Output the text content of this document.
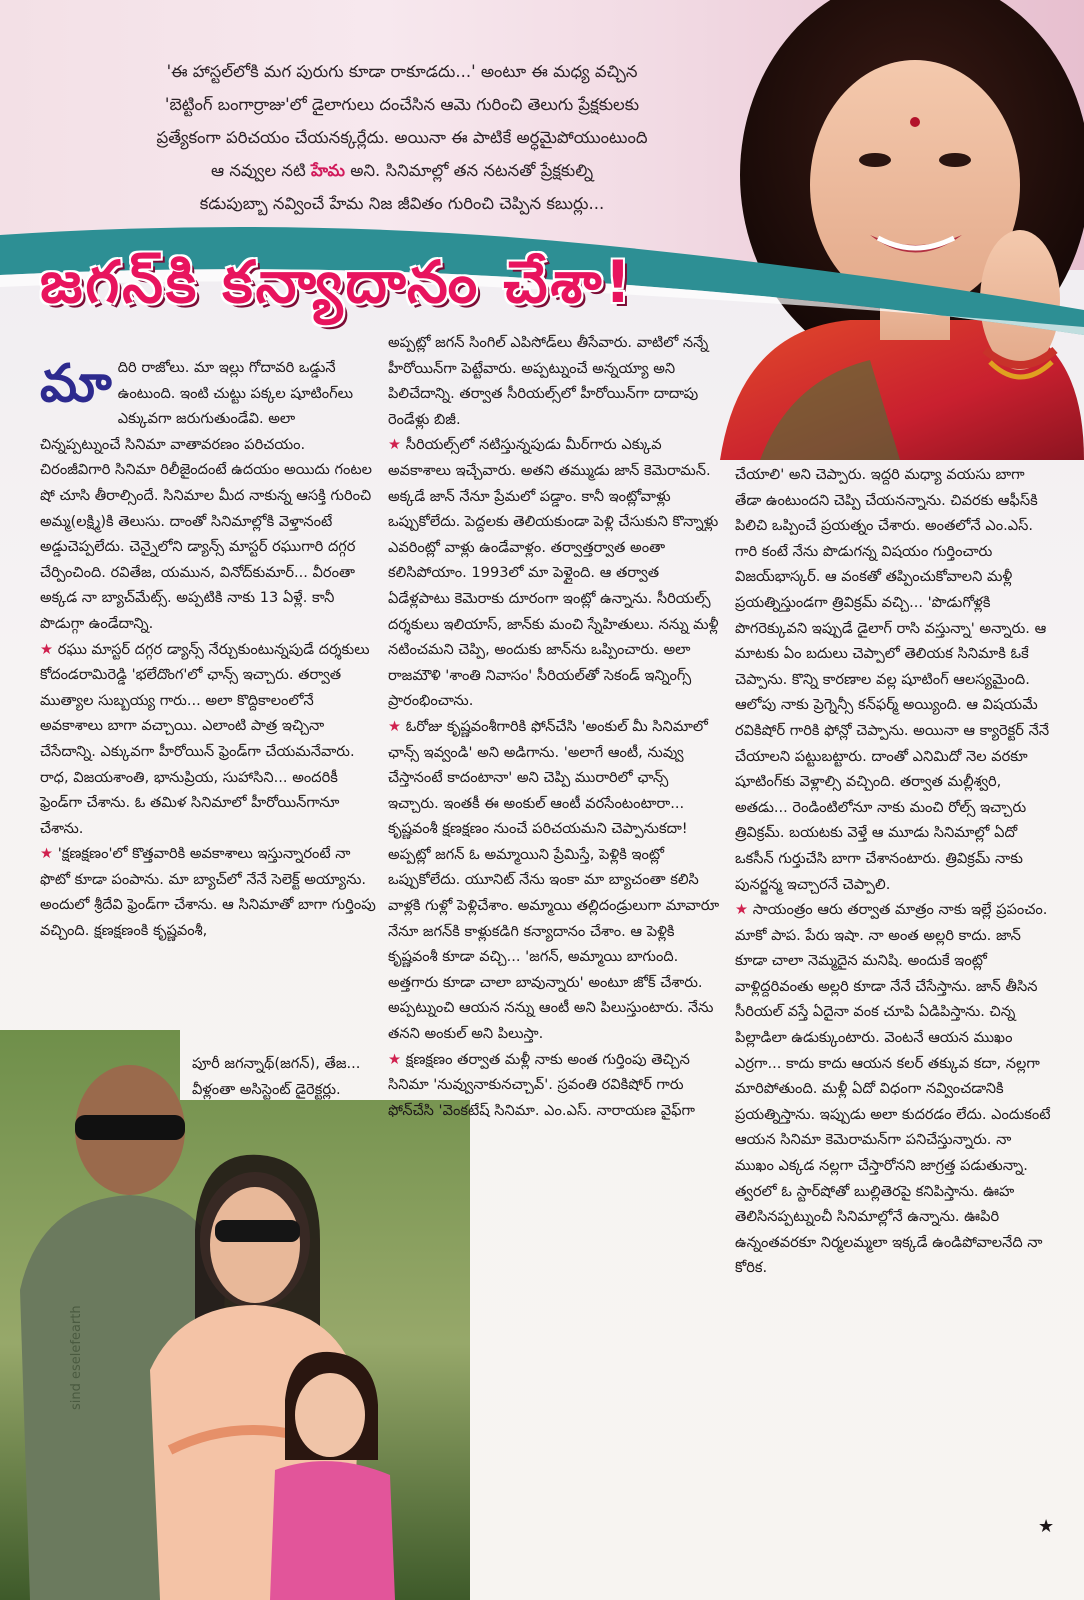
sind eselefearth
'ఈ హాస్టల్‌లోకి మగ పురుగు కూడా రాకూడదు...' అంటూ ఈ మధ్య వచ్చిన
'బెట్టింగ్ బంగార్రాజు'లో డైలాగులు దంచేసిన ఆమె గురించి తెలుగు ప్రేక్షకులకు
ప్రత్యేకంగా పరిచయం చేయనక్కర్లేదు. అయినా ఈ పాటికే అర్ధమైపోయుంటుంది
ఆ నవ్వుల నటి హేమ అని. సినిమాల్లో తన నటనతో ప్రేక్షకుల్ని
కడుపుబ్బా నవ్వించే హేమ నిజ జీవితం గురించి చెప్పిన కబుర్లు...
జగన్‌కి కన్యాదానం చేశా!

మాదిరి రాజోలు. మా ఇల్లు గోదావరి ఒడ్డునే ఉంటుంది. ఇంటి చుట్టు పక్కల షూటింగ్‌లు ఎక్కువగా జరుగుతుండేవి. అలా చిన్నప్పట్నుంచే సినిమా వాతావరణం పరిచయం. చిరంజీవిగారి సినిమా రిలీజైందంటే ఉదయం అయిదు గంటల షో చూసి తీరాల్సిందే. సినిమాల మీద నాకున్న ఆసక్తి గురించి అమ్మ(లక్ష్మి)కి తెలుసు. దాంతో సినిమాల్లోకి వెళ్తానంటే అడ్డుచెప్పలేదు. చెన్నైలోని డ్యాన్స్ మాస్టర్ రఘుగారి దగ్గర చేర్పించింది. రవితేజ, యమున, వినోద్‌కుమార్... వీరంతా అక్కడ నా బ్యాచ్‌మేట్స్. అప్పటికి నాకు 13 ఏళ్లే. కానీ పొడుగ్గా ఉండేదాన్ని.

★ రఘు మాస్టర్ దగ్గర డ్యాన్స్ నేర్చుకుంటున్నపుడే దర్శకులు కోదండరామిరెడ్డి 'భలేదొంగ'లో ఛాన్స్ ఇచ్చారు. తర్వాత ముత్యాల సుబ్బయ్య గారు... అలా కొద్దికాలంలోనే అవకాశాలు బాగా వచ్చాయి. ఎలాంటి పాత్ర ఇచ్చినా చేసేదాన్ని. ఎక్కువగా హీరోయిన్ ఫ్రెండ్‌గా చేయమనేవారు. రాధ, విజయశాంతి, భానుప్రియ, సుహాసిని... అందరికీ ఫ్రెండ్‌గా చేశాను. ఓ తమిళ సినిమాలో హీరోయిన్‌గానూ చేశాను.

★ 'క్షణక్షణం'లో కొత్తవారికి అవకాశాలు ఇస్తున్నారంటే నా ఫొటో కూడా పంపాను. మా బ్యాచ్‌లో నేనే సెలెక్ట్ అయ్యాను. అందులో శ్రీదేవి ఫ్రెండ్‌గా చేశాను. ఆ సినిమాతో బాగా గుర్తింపు వచ్చింది. క్షణక్షణంకి కృష్ణవంశీ,

పూరీ జగన్నాథ్(జగన్), తేజ... వీళ్లంతా అసిస్టెంట్ డైరెక్టర్లు.

అప్పట్లో జగన్ సింగిల్ ఎపిసోడ్‌లు తీసేవారు. వాటిలో నన్నే హీరోయిన్‌గా పెట్టేవారు. అప్పట్నుంచే అన్నయ్యా అని పిలిచేదాన్ని. తర్వాత సీరియల్స్‌లో హీరోయిన్‌గా దాదాపు రెండేళ్లు బిజీ.

★ సీరియల్స్‌లో నటిస్తున్నపుడు మీర్‌గారు ఎక్కువ అవకాశాలు ఇచ్చేవారు. అతని తమ్ముడు జాన్ కెమెరామన్. అక్కడే జాన్ నేనూ ప్రేమలో పడ్డాం. కానీ ఇంట్లోవాళ్లు ఒప్పుకోలేదు. పెద్దలకు తెలియకుండా పెళ్లి చేసుకుని కొన్నాళ్లు ఎవరింట్లో వాళ్లు ఉండేవాళ్లం. తర్వాత్తర్వాత అంతా కలిసిపోయాం. 1993లో మా పెళ్లైంది. ఆ తర్వాత ఏడేళ్లపాటు కెమెరాకు దూరంగా ఇంట్లో ఉన్నాను. సీరియల్స్ దర్శకులు ఇలియాస్, జాన్‌కు మంచి స్నేహితులు. నన్ను మళ్లీ నటించమని చెప్పి, అందుకు జాన్‌ను ఒప్పించారు. అలా రాజమౌళి 'శాంతి నివాసం' సీరియల్‌తో సెకండ్ ఇన్నింగ్స్ ప్రారంభించాను.

★ ఓరోజు కృష్ణవంశీగారికి ఫోన్‌చేసి 'అంకుల్ మీ సినిమాలో ఛాన్స్ ఇవ్వండి' అని అడిగాను. 'అలాగే ఆంటీ, నువ్వు చేస్తానంటే కాదంటానా' అని చెప్పి మురారిలో ఛాన్స్ ఇచ్చారు. ఇంతకీ ఈ అంకుల్ ఆంటీ వరసేంటంటారా... కృష్ణవంశీ క్షణక్షణం నుంచే పరిచయమని చెప్పానుకదా! అప్పట్లో జగన్ ఓ అమ్మాయిని ప్రేమిస్తే, పెళ్లికి ఇంట్లో ఒప్పుకోలేదు. యూనిట్ నేను ఇంకా మా బ్యాచంతా కలిసి వాళ్లకి గుళ్లో పెళ్లిచేశాం. అమ్మాయి తల్లిదండ్రులుగా మావారూ నేనూ జగన్‌కి కాళ్లుకడిగి కన్యాదానం చేశాం. ఆ పెళ్లికి కృష్ణవంశీ కూడా వచ్చి... 'జగన్, అమ్మాయి బాగుంది. అత్తగారు కూడా చాలా బావున్నారు' అంటూ జోక్ చేశారు. అప్పట్నుంచి ఆయన నన్ను ఆంటీ అని పిలుస్తుంటారు. నేను తనని అంకుల్ అని పిలుస్తా.

★ క్షణక్షణం తర్వాత మళ్లీ నాకు అంత గుర్తింపు తెచ్చిన సినిమా 'నువ్వునాకునచ్చావ్'. స్రవంతి రవికిషోర్ గారు ఫోన్‌చేసి 'వెంకటేష్ సినిమా. ఎం.ఎస్. నారాయణ వైఫ్‌గా

చేయాలి' అని చెప్పారు. ఇద్దరి మధ్యా వయసు బాగా తేడా ఉంటుందని చెప్పి చేయనన్నాను. చివరకు ఆఫీస్‌కి పిలిచి ఒప్పించే ప్రయత్నం చేశారు. అంతలోనే ఎం.ఎస్. గారి కంటే నేను పొడుగన్న విషయం గుర్తించారు విజయ్‌భాస్కర్. ఆ వంకతో తప్పించుకోవాలని మళ్లీ ప్రయత్నిస్తుండగా త్రివిక్రమ్ వచ్చి... 'పొడుగోళ్లకి పొగరెక్కువని ఇప్పుడే డైలాగ్ రాసి వస్తున్నా' అన్నారు. ఆ మాటకు ఏం బదులు చెప్పాలో తెలియక సినిమాకి ఓకే చెప్పాను. కొన్ని కారణాల వల్ల షూటింగ్ ఆలస్యమైంది. ఆలోపు నాకు ప్రెగ్నెన్సీ కన్‌ఫర్మ్ అయ్యింది. ఆ విషయమే రవికిషోర్ గారికి ఫోన్లో చెప్పాను. అయినా ఆ క్యారెక్టర్ నేనే చేయాలని పట్టుబట్టారు. దాంతో ఎనిమిదో నెల వరకూ షూటింగ్‌కు వెళ్లాల్సి వచ్చింది. తర్వాత మల్లీశ్వరి, అతడు... రెండింటిలోనూ నాకు మంచి రోల్స్ ఇచ్చారు త్రివిక్రమ్. బయటకు వెళ్తే ఆ మూడు సినిమాల్లో ఏదో ఒకసీన్ గుర్తుచేసి బాగా చేశానంటారు. త్రివిక్రమ్ నాకు పునర్జన్మ ఇచ్చారనే చెప్పాలి.

★ సాయంత్రం ఆరు తర్వాత మాత్రం నాకు ఇల్లే ప్రపంచం. మాకో పాప. పేరు ఇషా. నా అంత అల్లరి కాదు. జాన్ కూడా చాలా నెమ్మదైన మనిషి. అందుకే ఇంట్లో వాళ్లిద్దరివంతు అల్లరి కూడా నేనే చేసేస్తాను. జాన్ తీసిన సీరియల్ వస్తే ఏదైనా వంక చూపి ఏడిపిస్తాను. చిన్న పిల్లాడిలా ఉడుక్కుంటారు. వెంటనే ఆయన ముఖం ఎర్రగా... కాదు కాదు ఆయన కలర్ తక్కువ కదా, నల్లగా మారిపోతుంది. మళ్లీ ఏదో విధంగా నవ్వించడానికి ప్రయత్నిస్తాను. ఇప్పుడు అలా కుదరడం లేదు. ఎందుకంటే ఆయన సినిమా కెమెరామన్‌గా పనిచేస్తున్నారు. నా ముఖం ఎక్కడ నల్లగా చేస్తారోనని జాగ్రత్త పడుతున్నా. త్వరలో ఓ స్టార్‌షోతో బుల్లితెరపై కనిపిస్తాను. ఊహ తెలిసినప్పట్నుంచీ సినిమాల్లోనే ఉన్నాను. ఊపిరి ఉన్నంతవరకూ నిర్మలమ్మలా ఇక్కడే ఉండిపోవాలనేది నా కోరిక.

★
